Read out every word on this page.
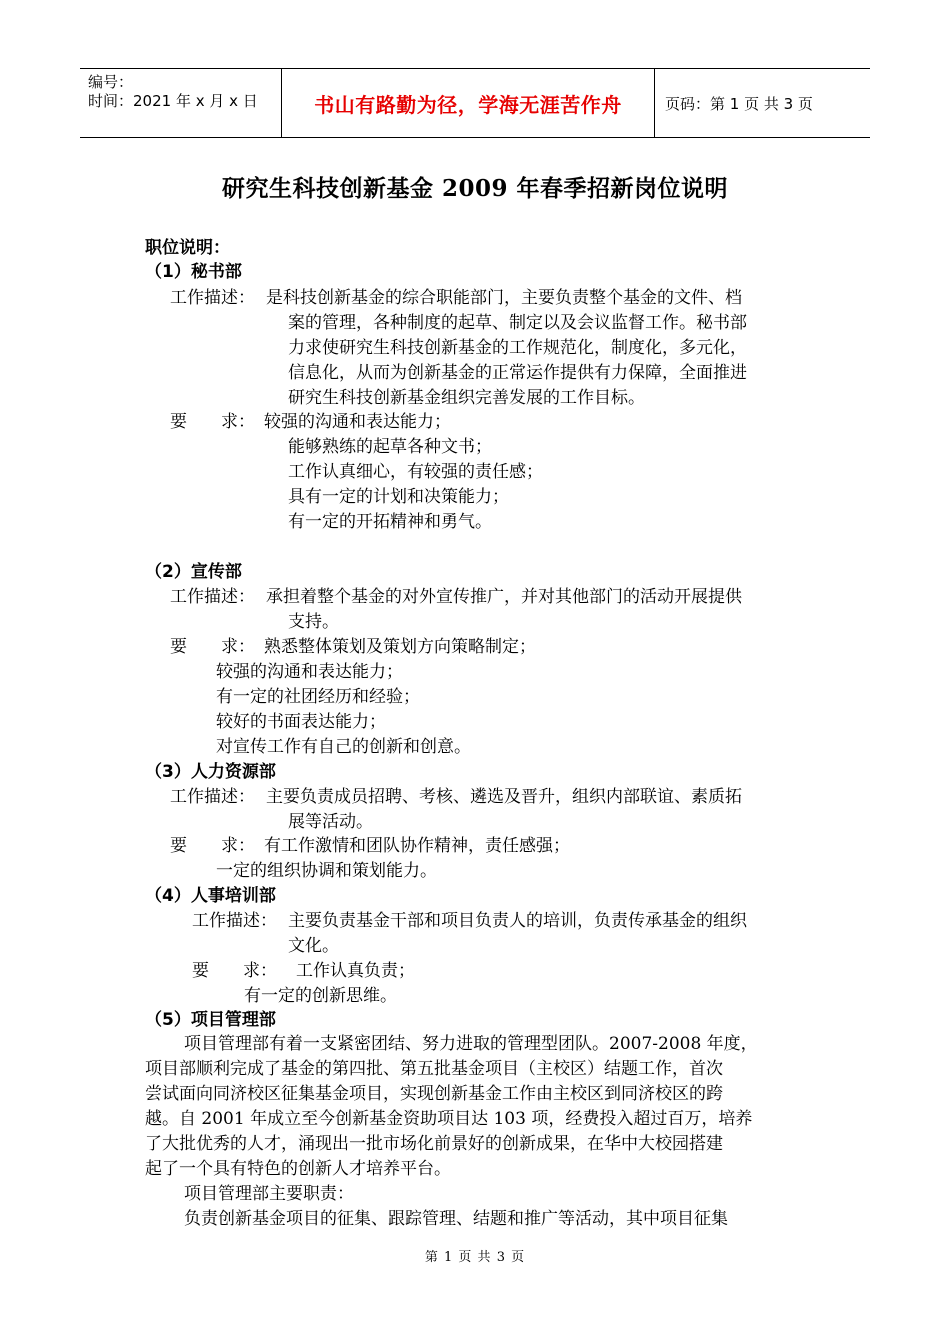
编号：
时间：2021 年 x 月 x 日	书山有路勤为径，学海无涯苦作舟	页码：第 1 页 共 3 页
研究生科技创新基金 2009 年春季招新岗位说明
职位说明：
（1）秘书部
工作描述： 是科技创新基金的综合职能部门，主要负责整个基金的文件、档
案的管理，各种制度的起草、制定以及会议监督工作。秘书部
力求使研究生科技创新基金的工作规范化，制度化，多元化，
信息化，从而为创新基金的正常运作提供有力保障，全面推进
研究生科技创新基金组织完善发展的工作目标。
要　　求： 较强的沟通和表达能力；
能够熟练的起草各种文书；
工作认真细心，有较强的责任感；
具有一定的计划和决策能力；
有一定的开拓精神和勇气。
（2）宣传部
工作描述： 承担着整个基金的对外宣传推广，并对其他部门的活动开展提供
支持。
要　　求： 熟悉整体策划及策划方向策略制定；
较强的沟通和表达能力；
有一定的社团经历和经验；
较好的书面表达能力；
对宣传工作有自己的创新和创意。
（3）人力资源部
工作描述： 主要负责成员招聘、考核、遴选及晋升，组织内部联谊、素质拓
展等活动。
要　　求： 有工作激情和团队协作精神，责任感强；
一定的组织协调和策划能力。
（4）人事培训部
工作描述： 主要负责基金干部和项目负责人的培训，负责传承基金的组织
文化。
要　　求： 工作认真负责；
有一定的创新思维。
（5）项目管理部
项目管理部有着一支紧密团结、努力进取的管理型团队。2007-2008 年度，
项目部顺利完成了基金的第四批、第五批基金项目（主校区）结题工作，首次
尝试面向同济校区征集基金项目，实现创新基金工作由主校区到同济校区的跨
越。自 2001 年成立至今创新基金资助项目达 103 项，经费投入超过百万，培养
了大批优秀的人才，涌现出一批市场化前景好的创新成果，在华中大校园搭建
起了一个具有特色的创新人才培养平台。
项目管理部主要职责：
负责创新基金项目的征集、跟踪管理、结题和推广等活动，其中项目征集
第 1 页 共 3 页
